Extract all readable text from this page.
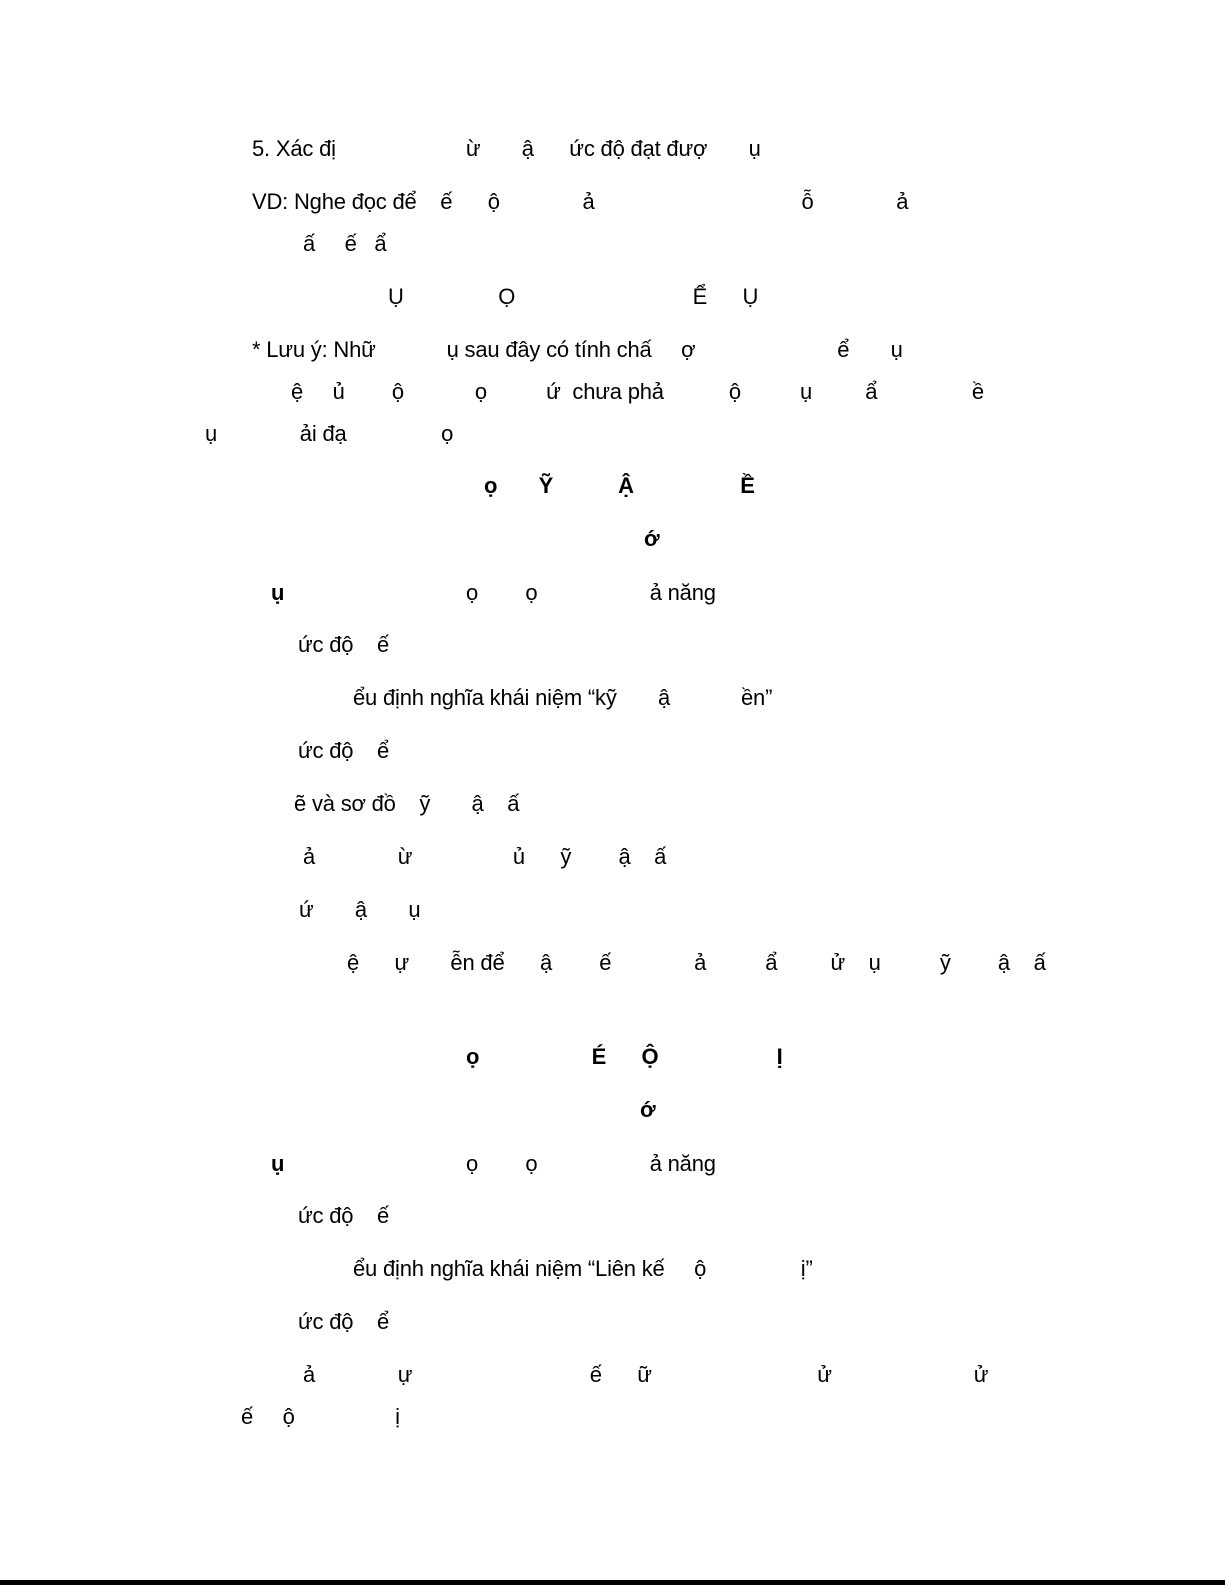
5. Xác đị                      ừ       ậ      ức độ đạt đượ       ụ
VD: Nghe đọc để    ế      ộ              ả                                   ỗ              ả
ấ     ế   ẩ
Ụ                Ọ                              Ể      Ụ
* Lưu ý: Nhữ            ụ sau đây có tính chấ     ợ                        ể       ụ
ệ     ủ        ộ            ọ          ứ  chưa phả           ộ          ụ         ẩ                ề
ụ              ải đạ                ọ
ọ       Ỹ           Ậ                  Ề
ớ
ụ	ọ        ọ                   ả năng
ức độ    ế
ểu định nghĩa khái niệm “kỹ       ậ            ền”
ức độ    ể
ẽ và sơ đồ    ỹ       ậ    ấ
ả              ừ                 ủ      ỹ        ậ    ấ
ứ       ậ       ụ
ệ      ự       ễn để      ậ        ế              ả          ẩ         ử    ụ          ỹ        ậ    ấ
ọ                   É      Ộ                    Ị
ớ
ụ	ọ        ọ                   ả năng
ức độ    ế
ểu định nghĩa khái niệm “Liên kế     ộ                ị”
ức độ    ể
ả              ự                              ế      ữ                            ử                        ử
ế     ộ                 ị
